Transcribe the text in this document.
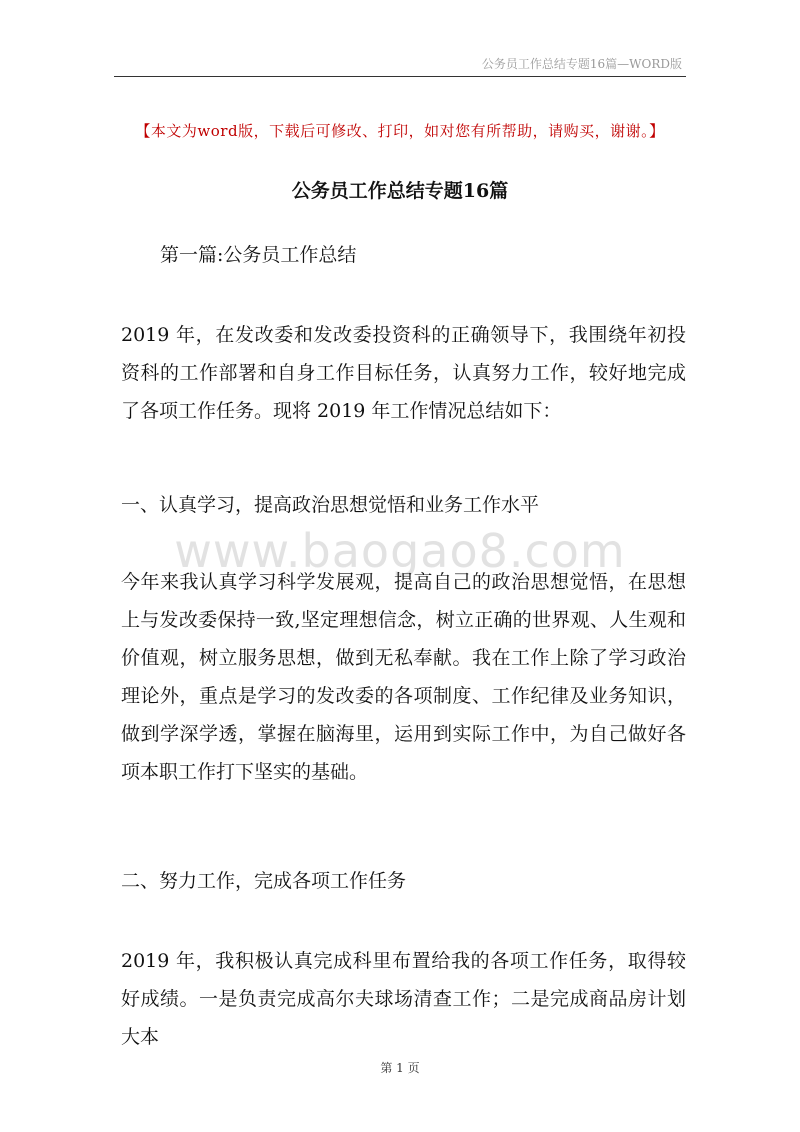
公务员工作总结专题16篇—WORD版
【本文为word版，下载后可修改、打印，如对您有所帮助，请购买，谢谢。】
公务员工作总结专题16篇
第一篇:公务员工作总结
2019 年，在发改委和发改委投资科的正确领导下，我围绕年初投资科的工作部署和自身工作目标任务，认真努力工作，较好地完成了各项工作任务。现将 2019 年工作情况总结如下：
一、认真学习，提高政治思想觉悟和业务工作水平
www.baogao8.com
今年来我认真学习科学发展观，提高自己的政治思想觉悟，在思想上与发改委保持一致,坚定理想信念，树立正确的世界观、人生观和价值观，树立服务思想，做到无私奉献。我在工作上除了学习政治理论外，重点是学习的发改委的各项制度、工作纪律及业务知识，做到学深学透，掌握在脑海里，运用到实际工作中，为自己做好各项本职工作打下坚实的基础。
二、努力工作，完成各项工作任务
2019 年，我积极认真完成科里布置给我的各项工作任务，取得较好成绩。一是负责完成高尔夫球场清查工作；二是完成商品房计划大本
第 1 页
